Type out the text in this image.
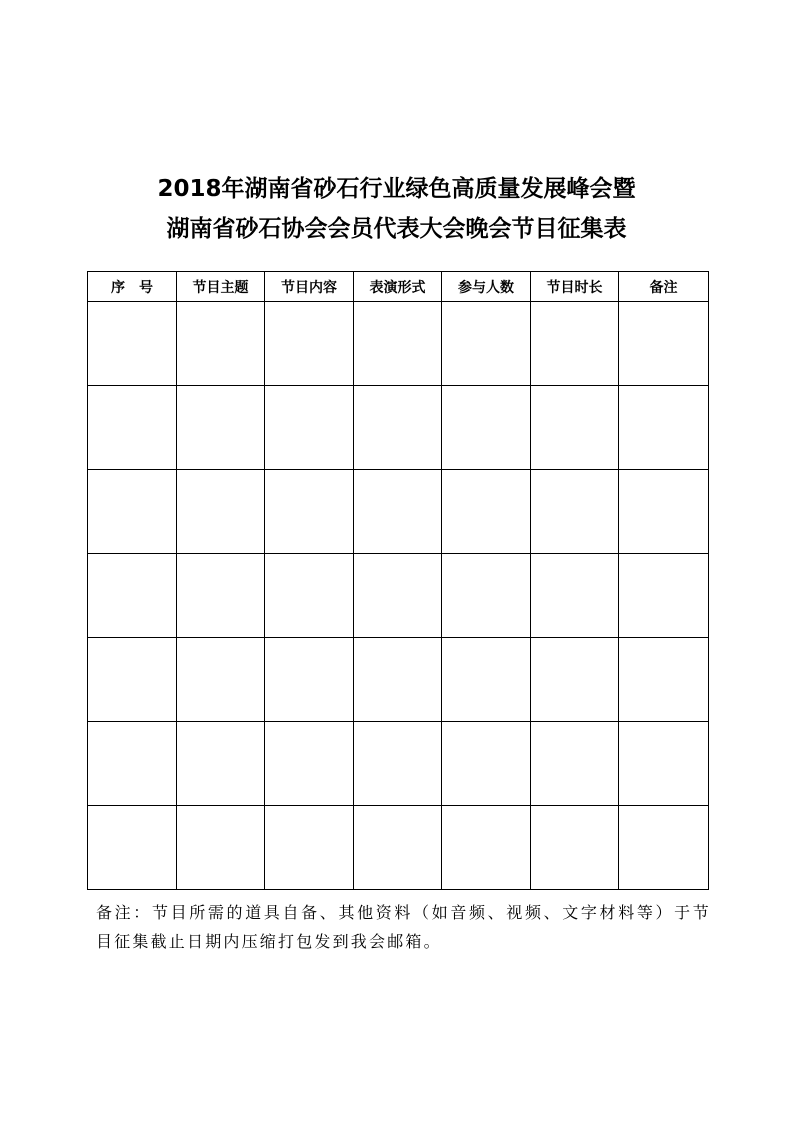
2018年湖南省砂石行业绿色高质量发展峰会暨
湖南省砂石协会会员代表大会晚会节目征集表
序　号	节目主题	节目内容	表演形式	参与人数	节目时长	备注

备注：节目所需的道具自备、其他资料（如音频、视频、文字材料等）于节目征集截止日期内压缩打包发到我会邮箱。
